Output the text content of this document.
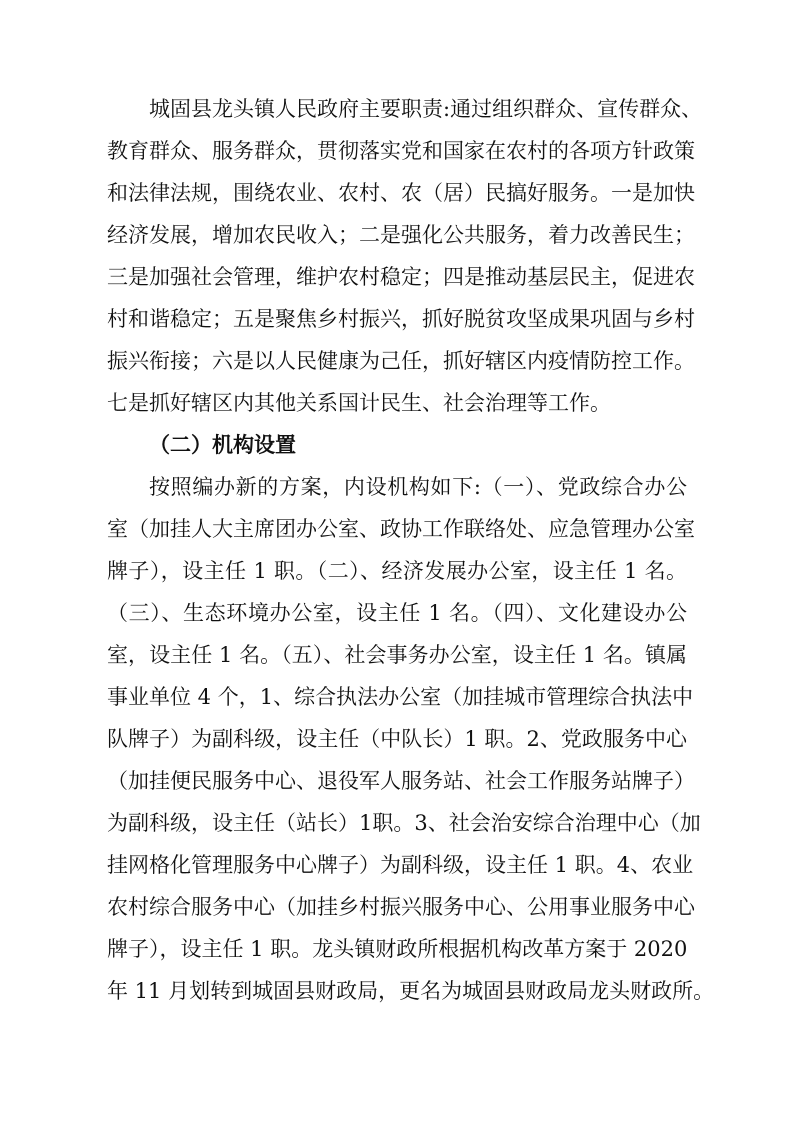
城固县龙头镇人民政府主要职责:通过组织群众、宣传群众、
教育群众、服务群众，贯彻落实党和国家在农村的各项方针政策
和法律法规，围绕农业、农村、农（居）民搞好服务。一是加快
经济发展，增加农民收入；二是强化公共服务，着力改善民生；
三是加强社会管理，维护农村稳定；四是推动基层民主，促进农
村和谐稳定；五是聚焦乡村振兴，抓好脱贫攻坚成果巩固与乡村
振兴衔接；六是以人民健康为己任，抓好辖区内疫情防控工作。
七是抓好辖区内其他关系国计民生、社会治理等工作。
（二）机构设置
按照编办新的方案，内设机构如下:（一）、党政综合办公
室（加挂人大主席团办公室、政协工作联络处、应急管理办公室
牌子），设主任 1 职。（二）、经济发展办公室，设主任 1 名。
（三）、生态环境办公室，设主任 1 名。（四）、文化建设办公
室，设主任 1 名。（五）、社会事务办公室，设主任 1 名。镇属
事业单位 4 个，1、综合执法办公室（加挂城市管理综合执法中
队牌子）为副科级，设主任（中队长）1 职。2、党政服务中心
（加挂便民服务中心、退役军人服务站、社会工作服务站牌子）
为副科级，设主任（站长）1职。3、社会治安综合治理中心（加
挂网格化管理服务中心牌子）为副科级，设主任 1 职。4、农业
农村综合服务中心（加挂乡村振兴服务中心、公用事业服务中心
牌子），设主任 1 职。龙头镇财政所根据机构改革方案于 2020
年 11 月划转到城固县财政局，更名为城固县财政局龙头财政所。
